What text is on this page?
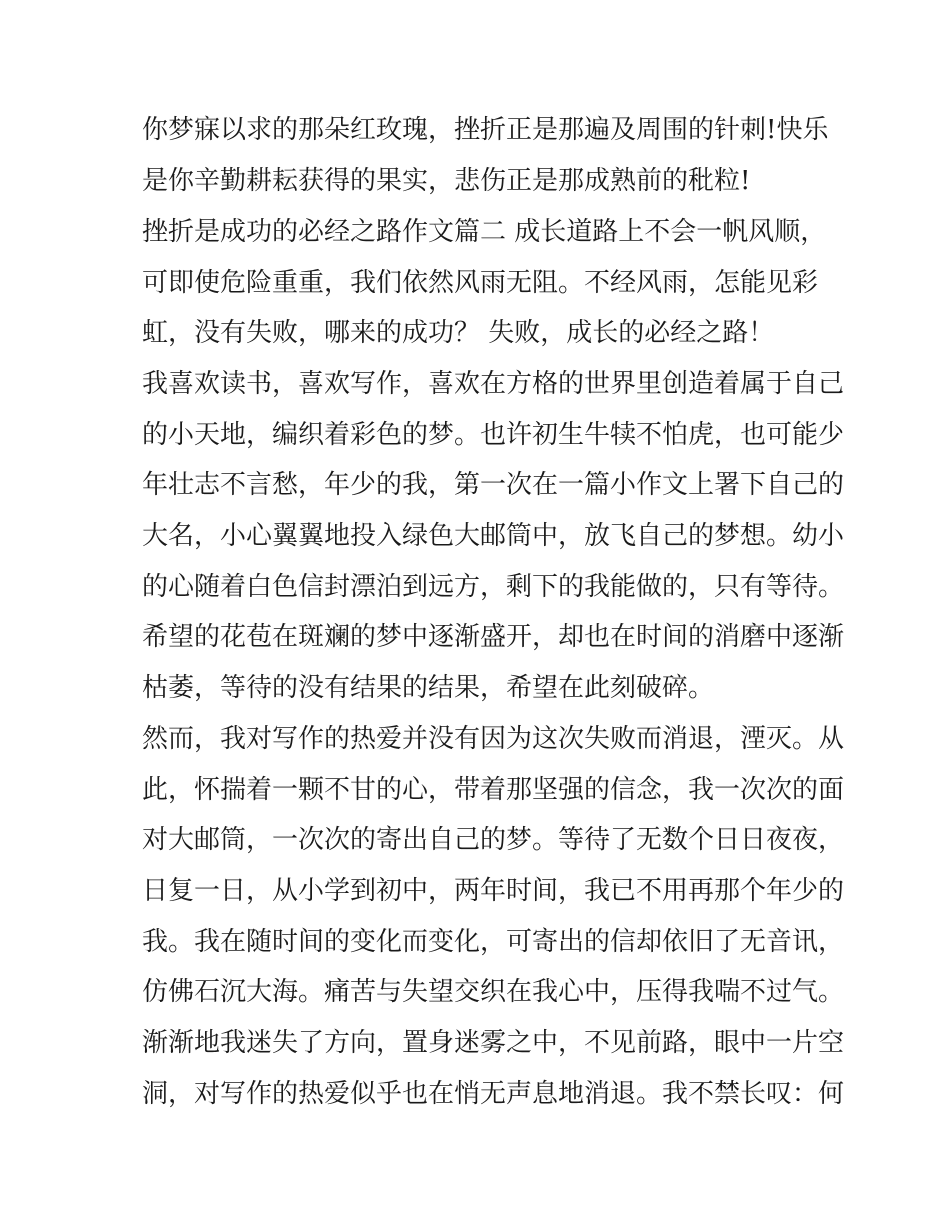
你梦寐以求的那朵红玫瑰，挫折正是那遍及周围的针刺!快乐
是你辛勤耕耘获得的果实，悲伤正是那成熟前的秕粒!
挫折是成功的必经之路作文篇二 成长道路上不会一帆风顺，
可即使危险重重，我们依然风雨无阻。不经风雨，怎能见彩
虹，没有失败，哪来的成功？ 失败，成长的必经之路！
我喜欢读书，喜欢写作，喜欢在方格的世界里创造着属于自己
的小天地，编织着彩色的梦。也许初生牛犊不怕虎，也可能少
年壮志不言愁，年少的我，第一次在一篇小作文上署下自己的
大名，小心翼翼地投入绿色大邮筒中，放飞自己的梦想。幼小
的心随着白色信封漂泊到远方，剩下的我能做的，只有等待。
希望的花苞在斑斓的梦中逐渐盛开，却也在时间的消磨中逐渐
枯萎，等待的没有结果的结果，希望在此刻破碎。
然而，我对写作的热爱并没有因为这次失败而消退，湮灭。从
此，怀揣着一颗不甘的心，带着那坚强的信念，我一次次的面
对大邮筒，一次次的寄出自己的梦。等待了无数个日日夜夜，
日复一日，从小学到初中，两年时间，我已不用再那个年少的
我。我在随时间的变化而变化，可寄出的信却依旧了无音讯，
仿佛石沉大海。痛苦与失望交织在我心中，压得我喘不过气。
渐渐地我迷失了方向，置身迷雾之中，不见前路，眼中一片空
洞，对写作的热爱似乎也在悄无声息地消退。我不禁长叹：何
